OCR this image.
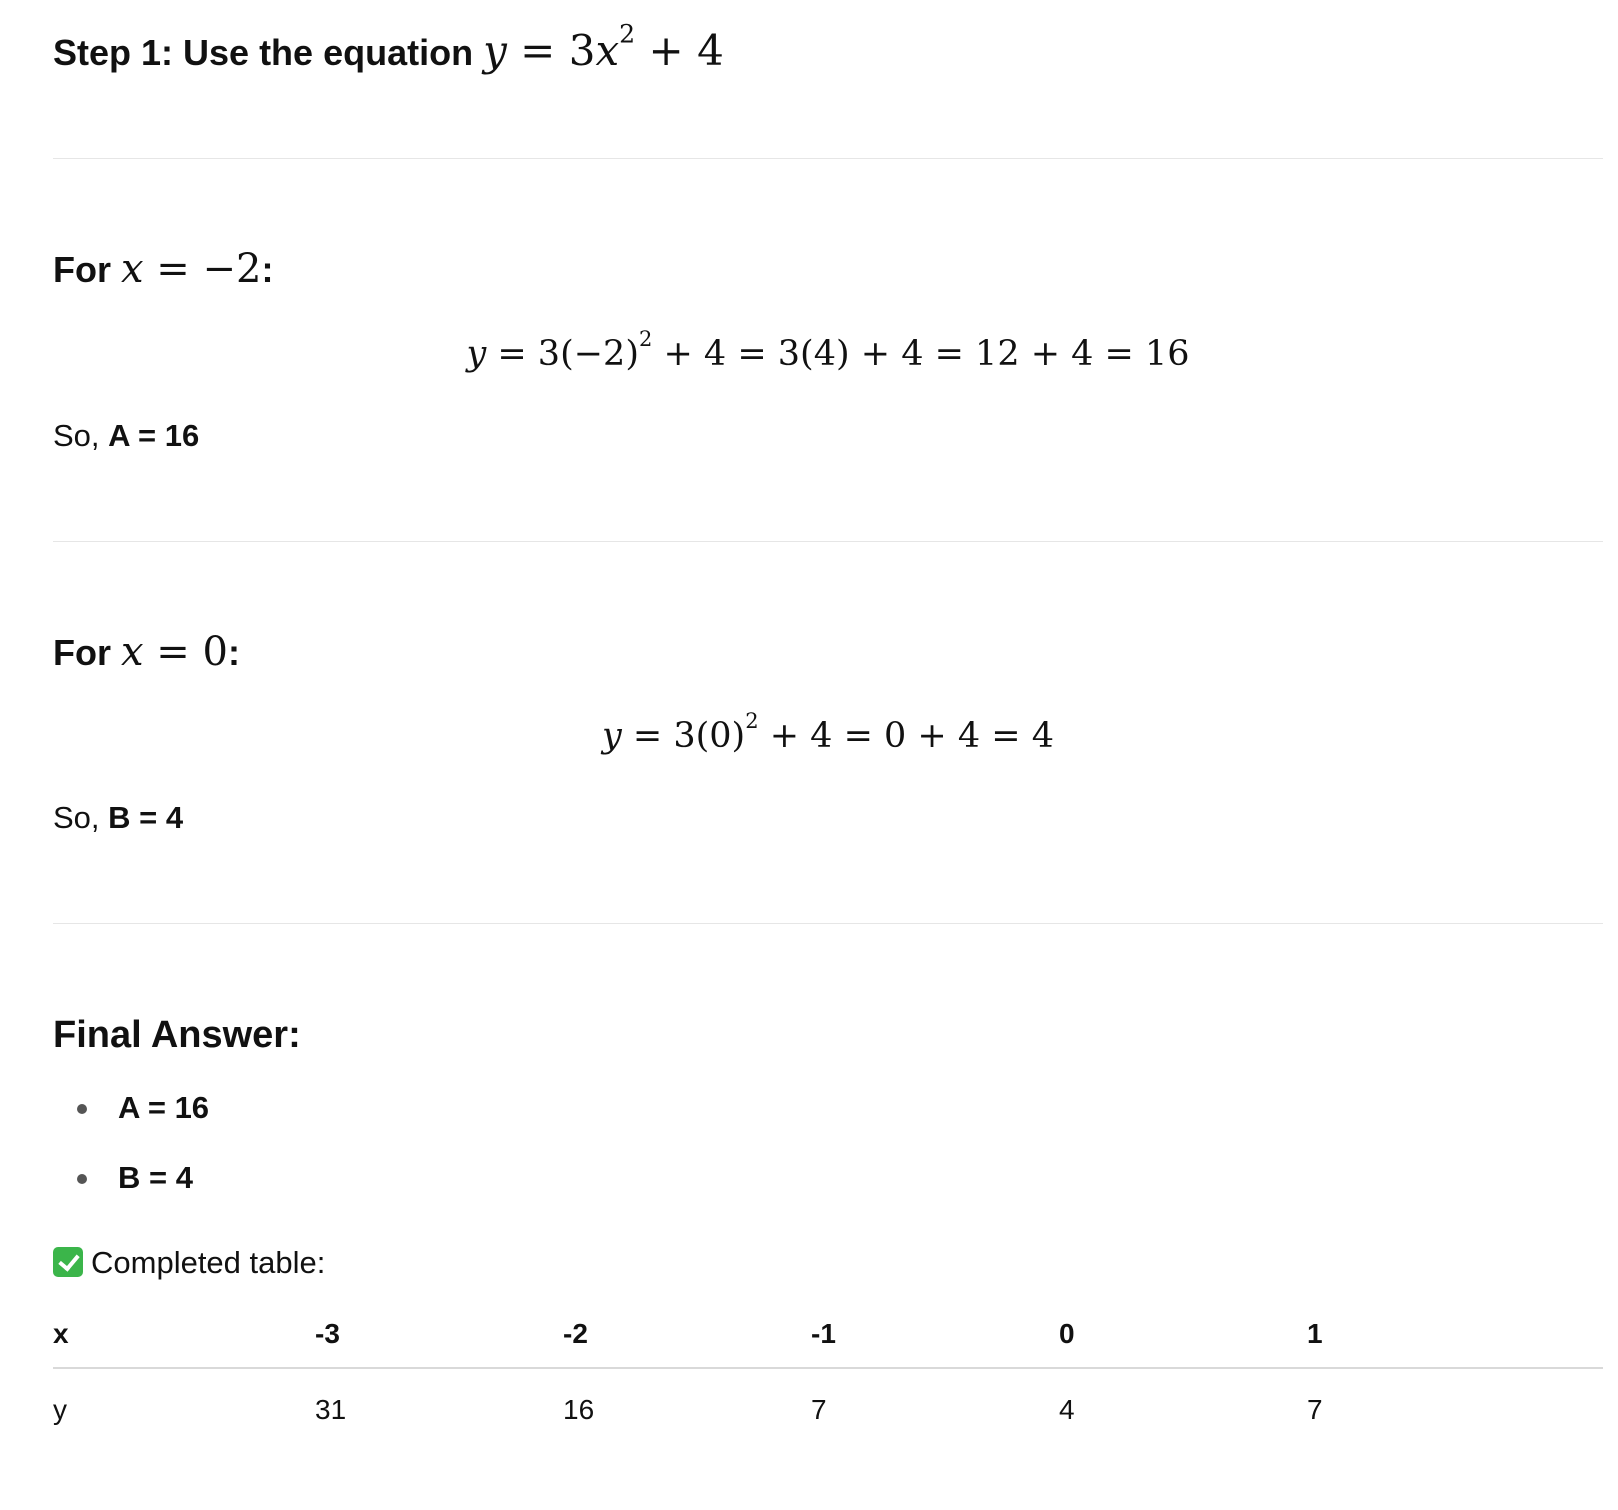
Step 1: Use the equation $y = 3x^2 + 4$
For x = −2:
$y = 3(-2)^2 + 4 = 3(4) + 4 = 12 + 4 = 16$
So, A = 16
For x = 0:
$y = 3(0)^2 + 4 = 0 + 4 = 4$
So, B = 4
Final Answer:
A = 16
B = 4
Completed table:
x	-3	-2	-1	0	1
y	31	16	7	4	7
